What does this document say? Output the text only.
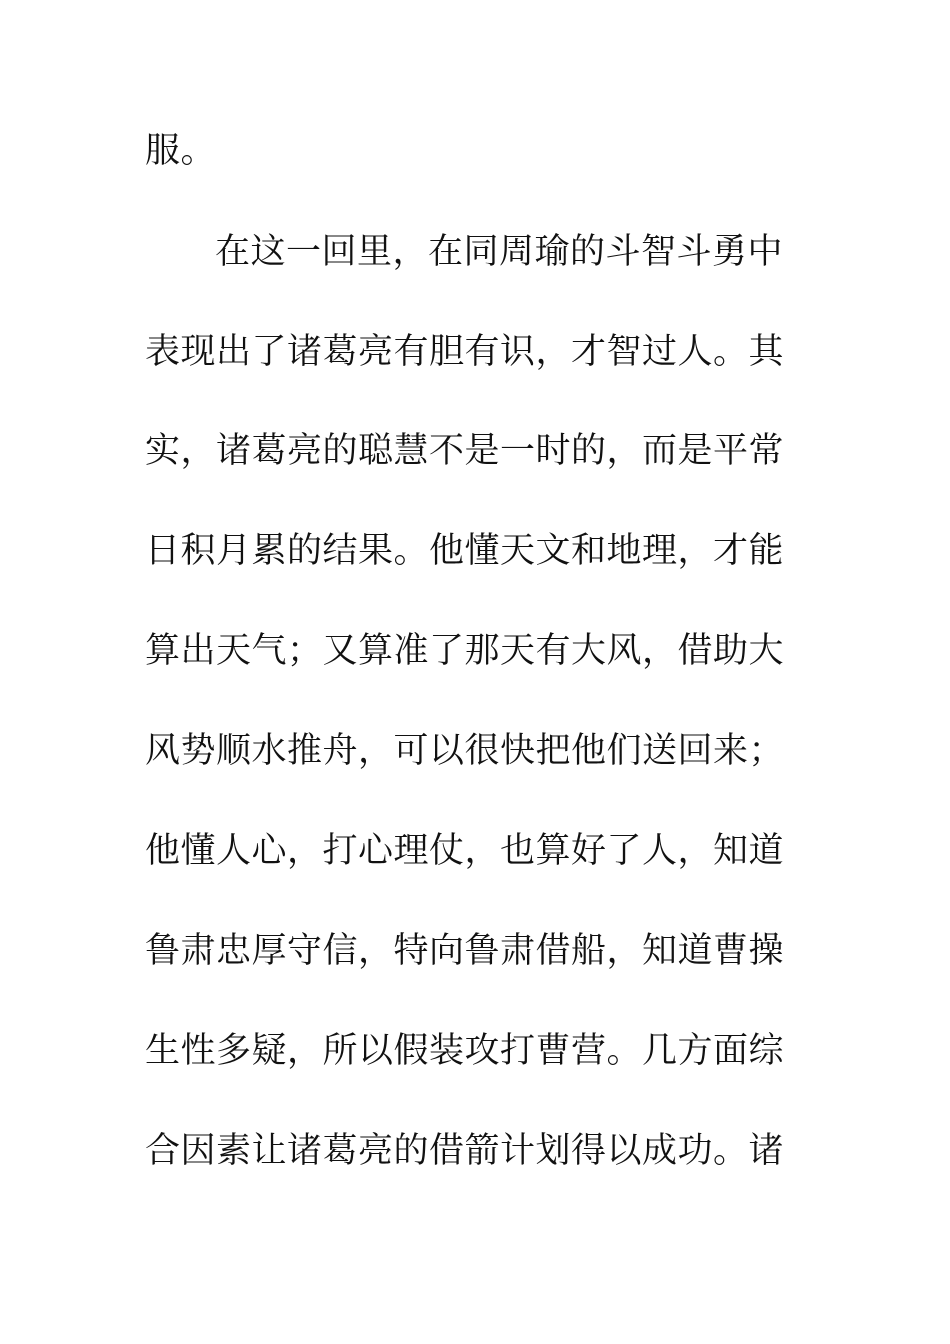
服。
在这一回里，在同周瑜的斗智斗勇中
表现出了诸葛亮有胆有识，才智过人。其
实，诸葛亮的聪慧不是一时的，而是平常
日积月累的结果。他懂天文和地理，才能
算出天气；又算准了那天有大风，借助大
风势顺水推舟，可以很快把他们送回来；
他懂人心，打心理仗，也算好了人，知道
鲁肃忠厚守信，特向鲁肃借船，知道曹操
生性多疑，所以假装攻打曹营。几方面综
合因素让诸葛亮的借箭计划得以成功。诸
